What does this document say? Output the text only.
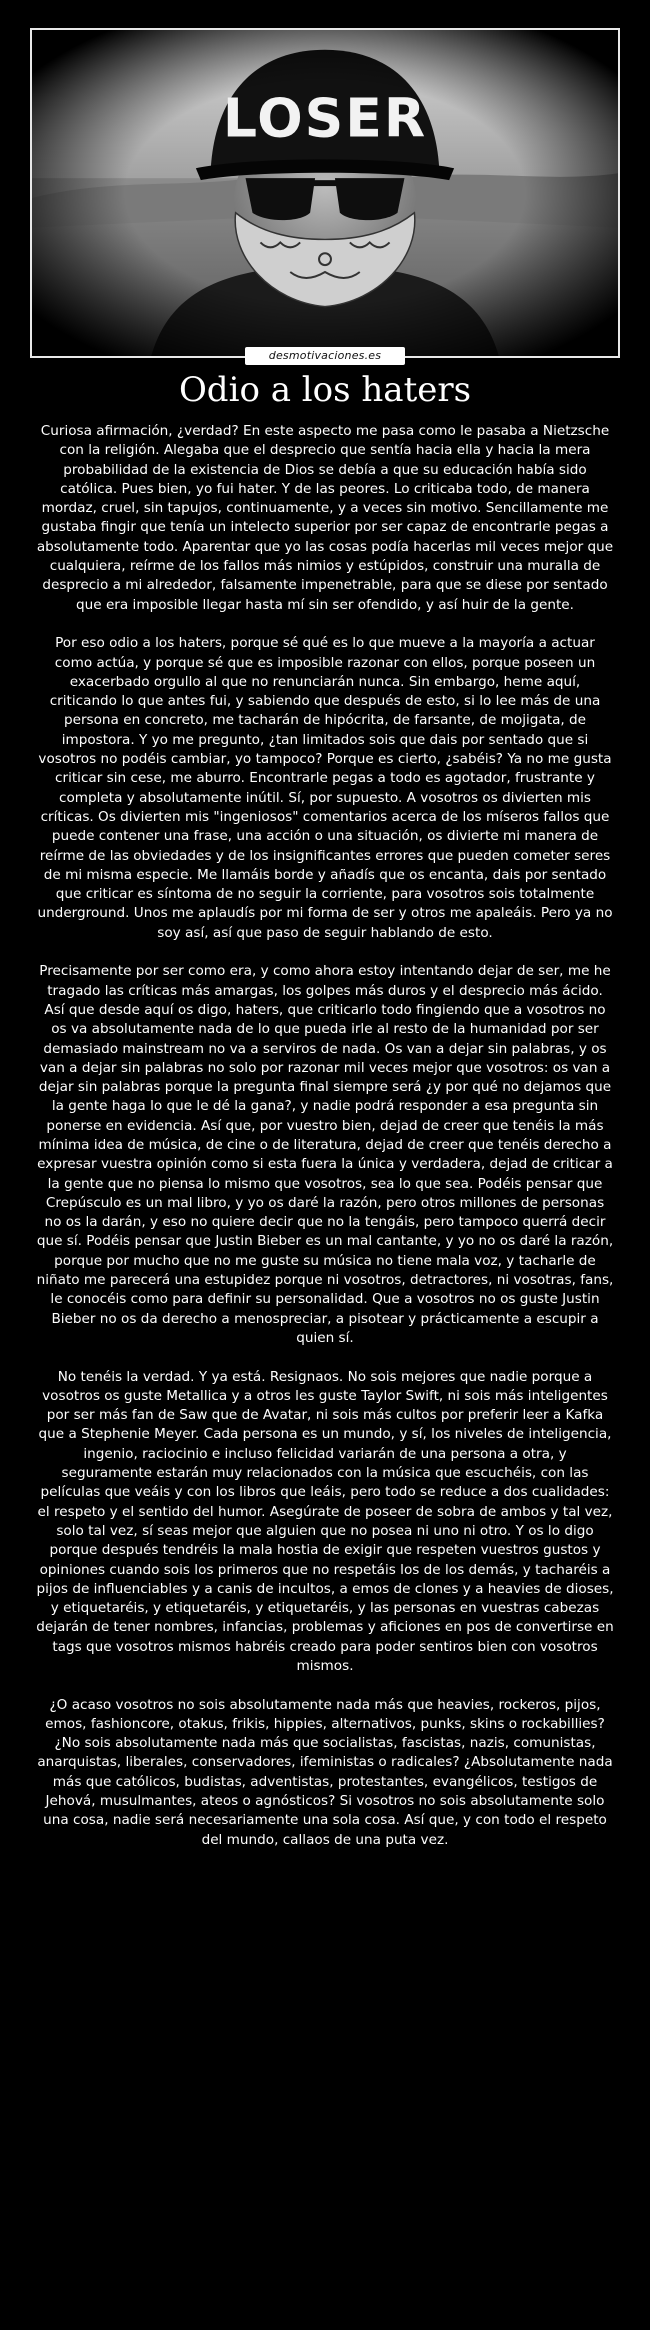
desmotivaciones.es
Odio a los haters

Curiosa afirmación, ¿verdad? En este aspecto me pasa como le pasaba a Nietzsche con la religión. Alegaba que el desprecio que sentía hacia ella y hacia la mera probabilidad de la existencia de Dios se debía a que su educación había sido católica. Pues bien, yo fui hater. Y de las peores. Lo criticaba todo, de manera mordaz, cruel, sin tapujos, continuamente, y a veces sin motivo. Sencillamente me gustaba fingir que tenía un intelecto superior por ser capaz de encontrarle pegas a absolutamente todo. Aparentar que yo las cosas podía hacerlas mil veces mejor que cualquiera, reírme de los fallos más nimios y estúpidos, construir una muralla de desprecio a mi alrededor, falsamente impenetrable, para que se diese por sentado que era imposible llegar hasta mí sin ser ofendido, y así huir de la gente.

Por eso odio a los haters, porque sé qué es lo que mueve a la mayoría a actuar como actúa, y porque sé que es imposible razonar con ellos, porque poseen un exacerbado orgullo al que no renunciarán nunca. Sin embargo, heme aquí, criticando lo que antes fui, y sabiendo que después de esto, si lo lee más de una persona en concreto, me tacharán de hipócrita, de farsante, de mojigata, de impostora. Y yo me pregunto, ¿tan limitados sois que dais por sentado que si vosotros no podéis cambiar, yo tampoco? Porque es cierto, ¿sabéis? Ya no me gusta criticar sin cese, me aburro. Encontrarle pegas a todo es agotador, frustrante y completa y absolutamente inútil. Sí, por supuesto. A vosotros os divierten mis críticas. Os divierten mis "ingeniosos" comentarios acerca de los míseros fallos que puede contener una frase, una acción o una situación, os divierte mi manera de reírme de las obviedades y de los insignificantes errores que pueden cometer seres de mi misma especie. Me llamáis borde y añadís que os encanta, dais por sentado que criticar es síntoma de no seguir la corriente, para vosotros sois totalmente underground. Unos me aplaudís por mi forma de ser y otros me apaleáis. Pero ya no soy así, así que paso de seguir hablando de esto.

Precisamente por ser como era, y como ahora estoy intentando dejar de ser, me he tragado las críticas más amargas, los golpes más duros y el desprecio más ácido. Así que desde aquí os digo, haters, que criticarlo todo fingiendo que a vosotros no os va absolutamente nada de lo que pueda irle al resto de la humanidad por ser demasiado mainstream no va a serviros de nada. Os van a dejar sin palabras, y os van a dejar sin palabras no solo por razonar mil veces mejor que vosotros: os van a dejar sin palabras porque la pregunta final siempre será ¿y por qué no dejamos que la gente haga lo que le dé la gana?, y nadie podrá responder a esa pregunta sin ponerse en evidencia. Así que, por vuestro bien, dejad de creer que tenéis la más mínima idea de música, de cine o de literatura, dejad de creer que tenéis derecho a expresar vuestra opinión como si esta fuera la única y verdadera, dejad de criticar a la gente que no piensa lo mismo que vosotros, sea lo que sea. Podéis pensar que Crepúsculo es un mal libro, y yo os daré la razón, pero otros millones de personas no os la darán, y eso no quiere decir que no la tengáis, pero tampoco querrá decir que sí. Podéis pensar que Justin Bieber es un mal cantante, y yo no os daré la razón, porque por mucho que no me guste su música no tiene mala voz, y tacharle de niñato me parecerá una estupidez porque ni vosotros, detractores, ni vosotras, fans, le conocéis como para definir su personalidad. Que a vosotros no os guste Justin Bieber no os da derecho a menospreciar, a pisotear y prácticamente a escupir a quien sí.

No tenéis la verdad. Y ya está. Resignaos. No sois mejores que nadie porque a vosotros os guste Metallica y a otros les guste Taylor Swift, ni sois más inteligentes por ser más fan de Saw que de Avatar, ni sois más cultos por preferir leer a Kafka que a Stephenie Meyer. Cada persona es un mundo, y sí, los niveles de inteligencia, ingenio, raciocinio e incluso felicidad variarán de una persona a otra, y seguramente estarán muy relacionados con la música que escuchéis, con las películas que veáis y con los libros que leáis, pero todo se reduce a dos cualidades: el respeto y el sentido del humor. Asegúrate de poseer de sobra de ambos y tal vez, solo tal vez, sí seas mejor que alguien que no posea ni uno ni otro. Y os lo digo porque después tendréis la mala hostia de exigir que respeten vuestros gustos y opiniones cuando sois los primeros que no respetáis los de los demás, y tacharéis a pijos de influenciables y a canis de incultos, a emos de clones y a heavies de dioses, y etiquetaréis, y etiquetaréis, y etiquetaréis, y las personas en vuestras cabezas dejarán de tener nombres, infancias, problemas y aficiones en pos de convertirse en tags que vosotros mismos habréis creado para poder sentiros bien con vosotros mismos.

¿O acaso vosotros no sois absolutamente nada más que heavies, rockeros, pijos, emos, fashioncore, otakus, frikis, hippies, alternativos, punks, skins o rockabillies? ¿No sois absolutamente nada más que socialistas, fascistas, nazis, comunistas, anarquistas, liberales, conservadores, ifeministas o radicales? ¿Absolutamente nada más que católicos, budistas, adventistas, protestantes, evangélicos, testigos de Jehová, musulmantes, ateos o agnósticos? Si vosotros no sois absolutamente solo una cosa, nadie será necesariamente una sola cosa. Así que, y con todo el respeto del mundo, callaos de una puta vez.
